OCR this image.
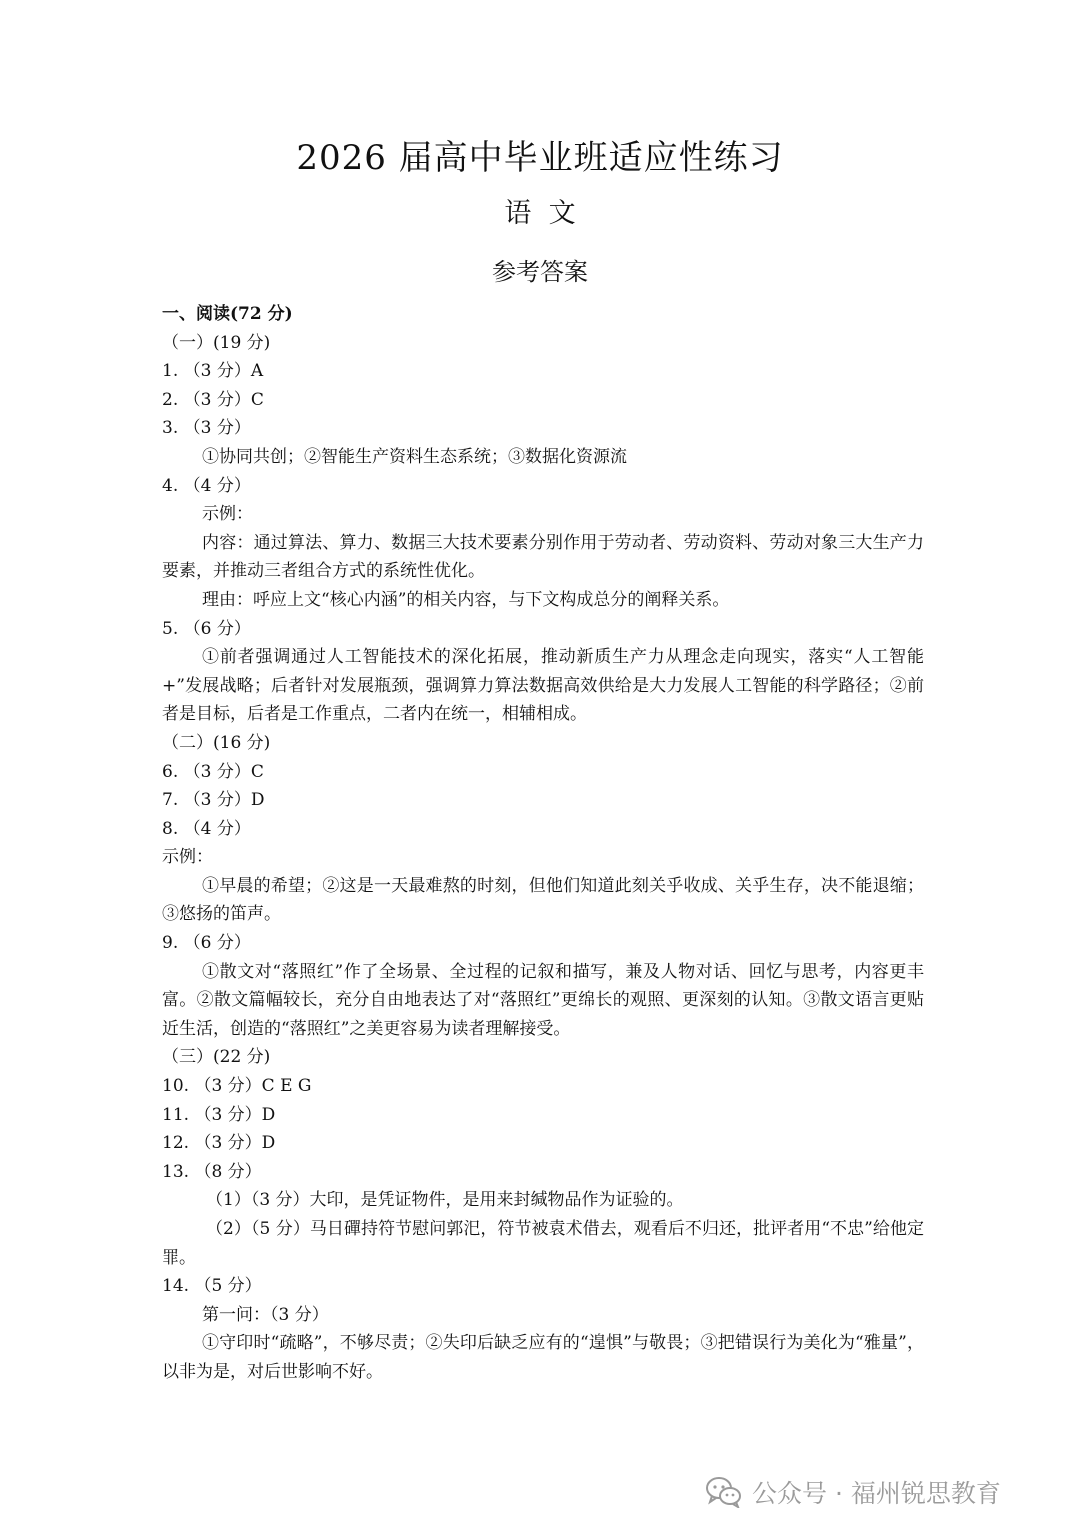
2026 届高中毕业班适应性练习
语  文
参考答案
一、阅读(72 分)
（一）(19 分)
1. （3 分）A
2. （3 分）C
3. （3 分）
①协同共创；②智能生产资料生态系统；③数据化资源流
4. （4 分）
示例：
内容：通过算法、算力、数据三大技术要素分别作用于劳动者、劳动资料、劳动对象三大生产力要素，并推动三者组合方式的系统性优化。
理由：呼应上文“核心内涵”的相关内容，与下文构成总分的阐释关系。
5. （6 分）
①前者强调通过人工智能技术的深化拓展，推动新质生产力从理念走向现实，落实“人工智能+”发展战略；后者针对发展瓶颈，强调算力算法数据高效供给是大力发展人工智能的科学路径；②前者是目标，后者是工作重点，二者内在统一，相辅相成。
（二）(16 分)
6. （3 分）C
7. （3 分）D
8. （4 分）
示例：
①早晨的希望；②这是一天最难熬的时刻，但他们知道此刻关乎收成、关乎生存，决不能退缩；③悠扬的笛声。
9. （6 分）
①散文对“落照红”作了全场景、全过程的记叙和描写，兼及人物对话、回忆与思考，内容更丰富。②散文篇幅较长，充分自由地表达了对“落照红”更绵长的观照、更深刻的认知。③散文语言更贴近生活，创造的“落照红”之美更容易为读者理解接受。
（三）(22 分)
10. （3 分）C E G
11. （3 分）D
12. （3 分）D
13. （8 分）
（1）（3 分）大印，是凭证物件，是用来封缄物品作为证验的。
（2）（5 分）马日磾持符节慰问郭汜，符节被袁术借去，观看后不归还，批评者用“不忠”给他定罪。
14. （5 分）
第一问：（3 分）
①守印时“疏略”，不够尽责；②失印后缺乏应有的“遑惧”与敬畏；③把错误行为美化为“雅量”，以非为是，对后世影响不好。
公众号 · 福州锐思教育
